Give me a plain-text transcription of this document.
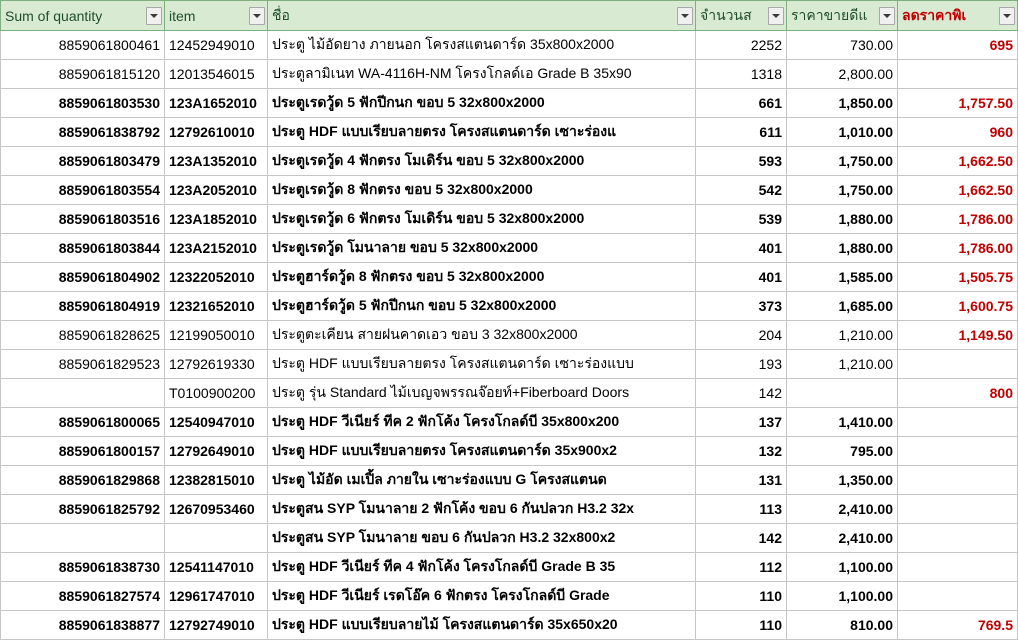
Sum of quantity	item	ชื่อ	จำนวนส	ราคาขายดีแ	ลดราคาพิเ

8859061800461	12452949010	ประตู ไม้อัดยาง ภายนอก โครงสแตนดาร์ด 35x800x2000	2252	730.00	695
8859061815120	12013546015	ประตูลามิเนท WA-4116H-NM โครงโกลด์เอ Grade B 35x90	1318	2,800.00	
8859061803530	123A1652010	ประตูเรดวู้ด 5 ฟักปีกนก ขอบ 5 32x800x2000	661	1,850.00	1,757.50
8859061838792	12792610010	ประตู HDF แบบเรียบลายตรง โครงสแตนดาร์ด เซาะร่องแ	611	1,010.00	960
8859061803479	123A1352010	ประตูเรดวู้ด 4 ฟักตรง โมเดิร์น ขอบ 5 32x800x2000	593	1,750.00	1,662.50
8859061803554	123A2052010	ประตูเรดวู้ด 8 ฟักตรง ขอบ 5 32x800x2000	542	1,750.00	1,662.50
8859061803516	123A1852010	ประตูเรดวู้ด 6 ฟักตรง โมเดิร์น ขอบ 5 32x800x2000	539	1,880.00	1,786.00
8859061803844	123A2152010	ประตูเรดวู้ด โมนาลาย ขอบ 5 32x800x2000	401	1,880.00	1,786.00
8859061804902	12322052010	ประตูฮาร์ดวู้ด 8 ฟักตรง ขอบ 5 32x800x2000	401	1,585.00	1,505.75
8859061804919	12321652010	ประตูฮาร์ดวู้ด 5 ฟักปีกนก ขอบ 5 32x800x2000	373	1,685.00	1,600.75
8859061828625	12199050010	ประตูตะเคียน สายฝนคาดเอว ขอบ 3 32x800x2000	204	1,210.00	1,149.50
8859061829523	12792619330	ประตู HDF แบบเรียบลายตรง โครงสแตนดาร์ด เซาะร่องแบบ	193	1,210.00	
	T0100900200	ประตู รุ่น Standard ไม้เบญจพรรณจ๊อยท์+Fiberboard Doors	142		800
8859061800065	12540947010	ประตู HDF วีเนียร์ ทีค 2 ฟักโค้ง โครงโกลด์บี 35x800x200	137	1,410.00	
8859061800157	12792649010	ประตู HDF แบบเรียบลายตรง โครงสแตนดาร์ด 35x900x2	132	795.00	
8859061829868	12382815010	ประตู ไม้อัด เมเปิ้ล ภายใน เซาะร่องแบบ G โครงสแตนด	131	1,350.00	
8859061825792	12670953460	ประตูสน SYP โมนาลาย 2 ฟักโค้ง ขอบ 6 กันปลวก H3.2 32x	113	2,410.00	
		ประตูสน SYP โมนาลาย ขอบ 6 กันปลวก H3.2 32x800x2	142	2,410.00	
8859061838730	12541147010	ประตู HDF วีเนียร์ ทีค 4 ฟักโค้ง โครงโกลด์บี Grade B 35	112	1,100.00	
8859061827574	12961747010	ประตู HDF วีเนียร์ เรดโอ๊ค 6 ฟักตรง โครงโกลด์บี Grade	110	1,100.00	
8859061838877	12792749010	ประตู HDF แบบเรียบลายไม้ โครงสแตนดาร์ด 35x650x20	110	810.00	769.5
